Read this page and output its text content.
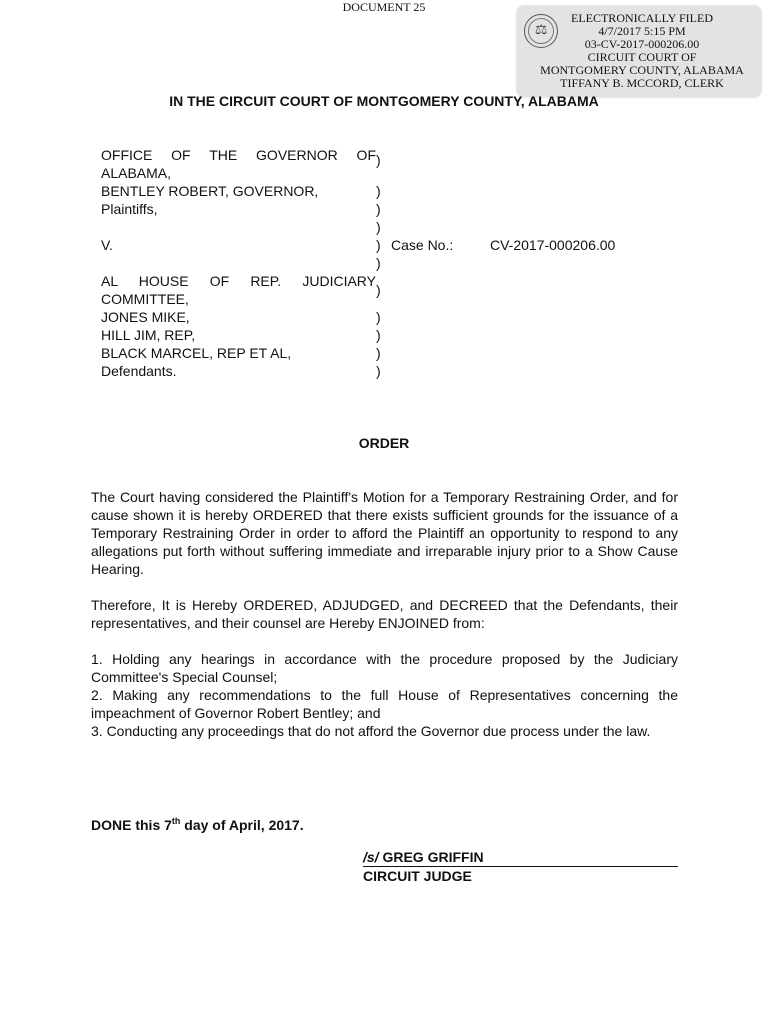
DOCUMENT 25
⚖
ELECTRONICALLY FILED
4/7/2017 5:15 PM
03-CV-2017-000206.00
CIRCUIT COURT OF
MONTGOMERY COUNTY, ALABAMA
TIFFANY B. MCCORD, CLERK
IN THE CIRCUIT COURT OF MONTGOMERY COUNTY, ALABAMA
OFFICE OF THE GOVERNOR OF
ALABAMA,
BENTLEY ROBERT, GOVERNOR,
Plaintiffs,
V.
AL HOUSE OF REP. JUDICIARY
COMMITTEE,
JONES MIKE,
HILL JIM, REP,
BLACK MARCEL, REP ET AL,
Defendants.
)
)
)
)
)
)
)
)
)
)
)
Case No.:	CV-2017-000206.00
ORDER

The Court having considered the Plaintiff's Motion for a Temporary Restraining Order, and for cause shown it is hereby ORDERED that there exists sufficient grounds for the issuance of a Temporary Restraining Order in order to afford the Plaintiff an opportunity to respond to any allegations put forth without suffering immediate and irreparable injury prior to a Show Cause Hearing.

Therefore, It is Hereby ORDERED, ADJUDGED, and DECREED that the Defendants, their representatives, and their counsel are Hereby ENJOINED from:

1. Holding any hearings in accordance with the procedure proposed by the Judiciary Committee's Special Counsel;

2. Making any recommendations to the full House of Representatives concerning the impeachment of Governor Robert Bentley; and

3. Conducting any proceedings that do not afford the Governor due process under the law.

DONE this 7th day of April, 2017.
/s/ GREG GRIFFIN
CIRCUIT JUDGE
